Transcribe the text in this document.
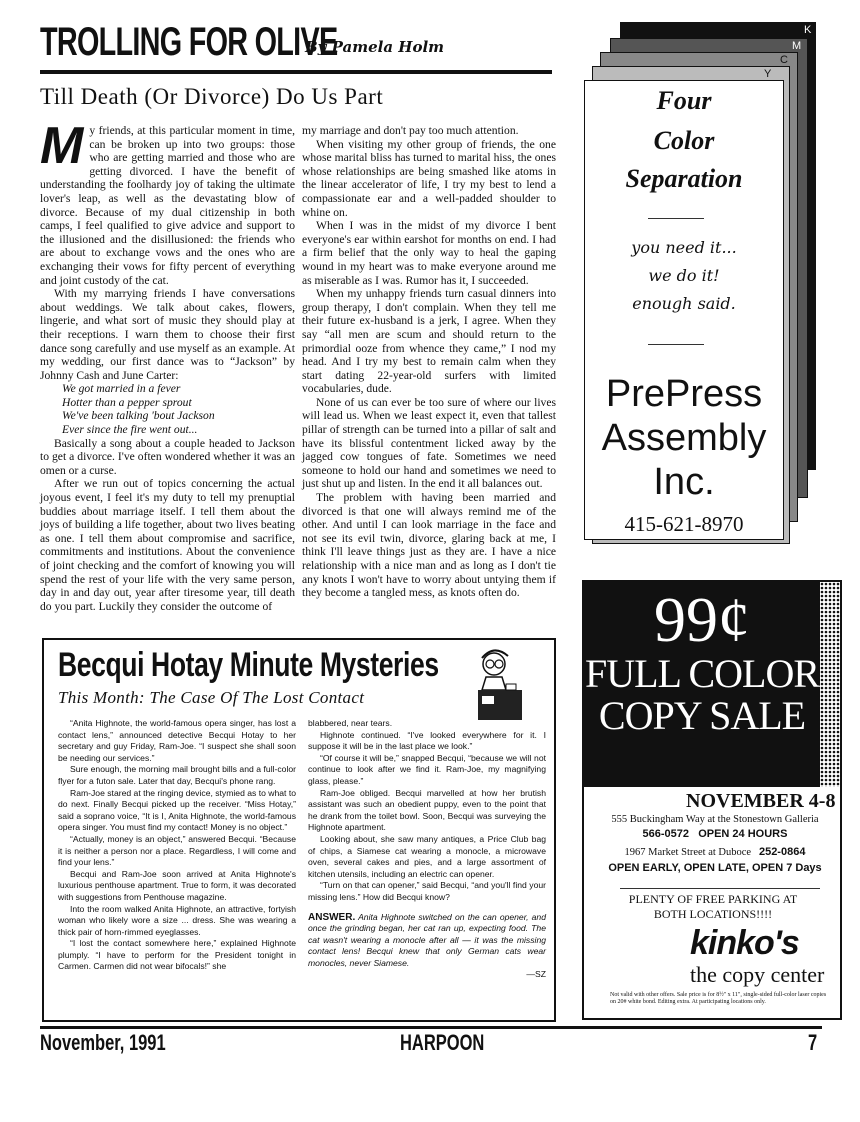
TROLLING FOR OLIVE
By Pamela Holm
Till Death (Or Divorce) Do Us Part
M y friends, at this particular moment in time, can be broken up into two groups: those who are getting married and those who are getting divorced. I have the benefit of understanding the foolhardy joy of taking the ultimate lover's leap, as well as the devastating blow of divorce. Because of my dual citizenship in both camps, I feel qualified to give advice and support to the illusioned and the disillusioned: the friends who are about to exchange vows and the ones who are exchanging their vows for fifty percent of everything and joint custody of the cat.

With my marrying friends I have conversations about weddings. We talk about cakes, flowers, lingerie, and what sort of music they should play at their receptions. I warn them to choose their first dance song carefully and use myself as an example. At my wedding, our first dance was to “Jackson” by Johnny Cash and June Carter:

We got married in a fever
Hotter than a pepper sprout
We've been talking 'bout Jackson
Ever since the fire went out...

Basically a song about a couple headed to Jackson to get a divorce. I've often wondered whether it was an omen or a curse.

After we run out of topics concerning the actual joyous event, I feel it's my duty to tell my prenuptial buddies about marriage itself. I tell them about the joys of building a life together, about two lives beating as one. I tell them about compromise and sacrifice, commitments and institutions. About the convenience of joint checking and the comfort of knowing you will spend the rest of your life with the very same person, day in and day out, year after tiresome year, till death do you part. Luckily they consider the outcome of

my marriage and don't pay too much attention.

When visiting my other group of friends, the one whose marital bliss has turned to marital hiss, the ones whose relationships are being smashed like atoms in the linear accelerator of life, I try my best to lend a compassionate ear and a well-padded shoulder to whine on.

When I was in the midst of my divorce I bent everyone's ear within earshot for months on end. I had a firm belief that the only way to heal the gaping wound in my heart was to make everyone around me as miserable as I was. Rumor has it, I succeeded.

When my unhappy friends turn casual dinners into group therapy, I don't complain. When they tell me their future ex-husband is a jerk, I agree. When they say “all men are scum and should return to the primordial ooze from whence they came,” I nod my head. And I try my best to remain calm when they start dating 22-year-old surfers with limited vocabularies, dude.

None of us can ever be too sure of where our lives will lead us. When we least expect it, even that tallest pillar of strength can be turned into a pillar of salt and have its blissful contentment licked away by the jagged cow tongues of fate. Sometimes we need someone to hold our hand and sometimes we need to just shut up and listen. In the end it all balances out.

The problem with having been married and divorced is that one will always remind me of the other. And until I can look marriage in the face and not see its evil twin, divorce, glaring back at me, I think I'll leave things just as they are. I have a nice relationship with a nice man and as long as I don't tie any knots I won't have to worry about untying them if they become a tangled mess, as knots often do.

Becqui Hotay Minute Mysteries
This Month: The Case Of The Lost Contact

“Anita Highnote, the world-famous opera singer, has lost a contact lens,” announced detective Becqui Hotay to her secretary and guy Friday, Ram-Joe. “I suspect she shall soon be needing our services.”

Sure enough, the morning mail brought bills and a full-color flyer for a futon sale. Later that day, Becqui's phone rang.

Ram-Joe stared at the ringing device, stymied as to what to do next. Finally Becqui picked up the receiver. “Miss Hotay,” said a soprano voice, “It is I, Anita Highnote, the world-famous opera singer. You must find my contact! Money is no object.”

“Actually, money is an object,” answered Becqui. “Because it is neither a person nor a place. Regardless, I will come and find your lens.”

Becqui and Ram-Joe soon arrived at Anita Highnote's luxurious penthouse apartment. True to form, it was decorated with suggestions from Penthouse magazine.

Into the room walked Anita Highnote, an attractive, fortyish woman who likely wore a size ... dress. She was wearing a thick pair of horn-rimmed eyeglasses.

“I lost the contact somewhere here,” explained Highnote plumply. “I have to perform for the President tonight in Carmen. Carmen did not wear bifocals!” she

blabbered, near tears.

Highnote continued. “I've looked everywhere for it. I suppose it will be in the last place we look.”

“Of course it will be,” snapped Becqui, “because we will not continue to look after we find it. Ram-Joe, my magnifying glass, please.”

Ram-Joe obliged. Becqui marvelled at how her brutish assistant was such an obedient puppy, even to the point that he drank from the toilet bowl. Soon, Becqui was surveying the Highnote apartment.

Looking about, she saw many antiques, a Price Club bag of chips, a Siamese cat wearing a monocle, a microwave oven, several cakes and pies, and a large assortment of kitchen utensils, including an electric can opener.

“Turn on that can opener,” said Becqui, “and you'll find your missing lens.” How did Becqui know?

ANSWER. Anita Highnote switched on the can opener, and once the grinding began, her cat ran up, expecting food. The cat wasn't wearing a monocle after all — it was the missing contact lens! Becqui knew that only German cats wear monocles, never Siamese.

—SZ

K
M
C
Y
Four
Color
Separation
you need it...
we do it!
enough said.
PrePress
Assembly
Inc.
415-621-8970
99¢
FULL COLOR
COPY SALE
NOVEMBER 4-8
555 Buckingham Way at the Stonestown Galleria
566-0572 OPEN 24 HOURS
1967 Market Street at Duboce 252-0864
OPEN EARLY, OPEN LATE, OPEN 7 Days
PLENTY OF FREE PARKING AT BOTH LOCATIONS!!!!
kinko's
the copy center
Not valid with other offers. Sale price is for 8½" x 11", single-sided full-color laser copies on 20# white bond. Editing extra. At participating locations only.
November, 1991	HARPOON	7
